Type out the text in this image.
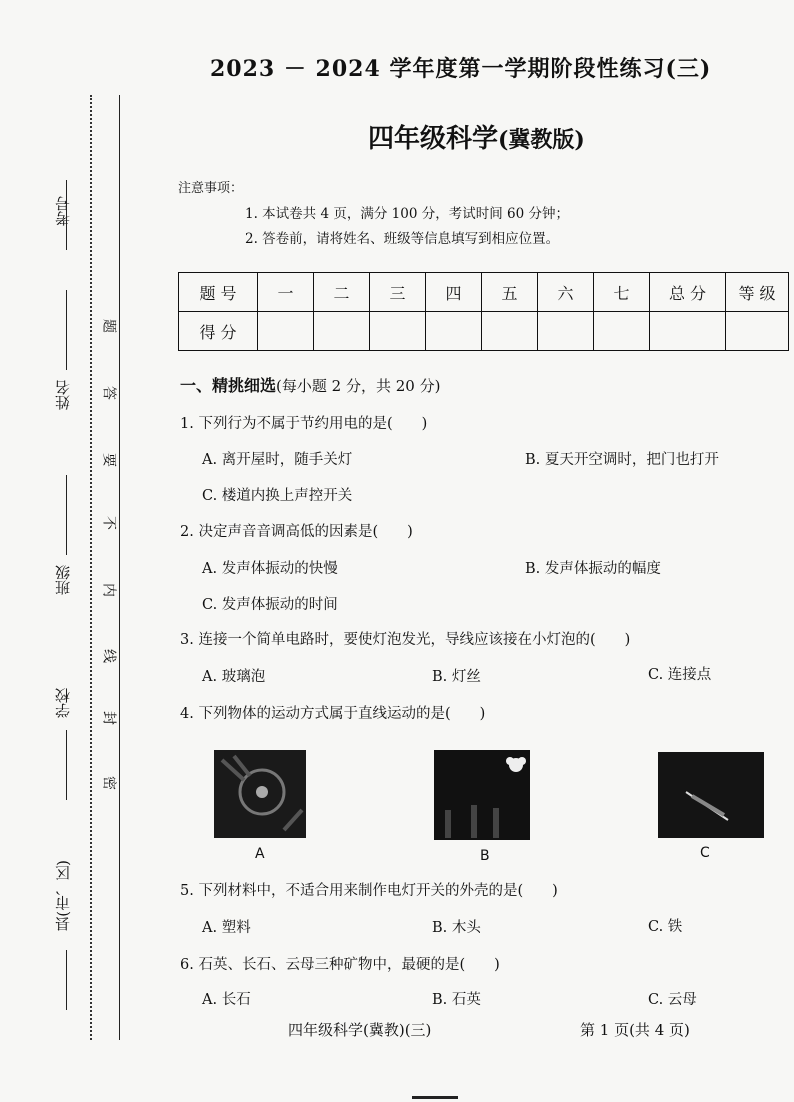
考号
姓名
班级
学校
县(市、区)
题
答
要
不
内
线
封
密
2023 － 2024 学年度第一学期阶段性练习(三)
四年级科学(冀教版)
注意事项：
1. 本试卷共 4 页，满分 100 分，考试时间 60 分钟；
2. 答卷前，请将姓名、班级等信息填写到相应位置。
题 号	一	二	三	四	五	六	七	总 分	等 级
得 分									
一、精挑细选(每小题 2 分，共 20 分)
1. 下列行为不属于节约用电的是(　　)
A. 离开屋时，随手关灯	B. 夏天开空调时，把门也打开
C. 楼道内换上声控开关
2. 决定声音音调高低的因素是(　　)
A. 发声体振动的快慢	B. 发声体振动的幅度
C. 发声体振动的时间
3. 连接一个简单电路时，要使灯泡发光，导线应该接在小灯泡的(　　)
A. 玻璃泡	B. 灯丝	C. 连接点
4. 下列物体的运动方式属于直线运动的是(　　)
A	B	C
5. 下列材料中，不适合用来制作电灯开关的外壳的是(　　)
A. 塑料	B. 木头	C. 铁
6. 石英、长石、云母三种矿物中，最硬的是(　　)
A. 长石	B. 石英	C. 云母
四年级科学(冀教)(三)	第 1 页(共 4 页)
